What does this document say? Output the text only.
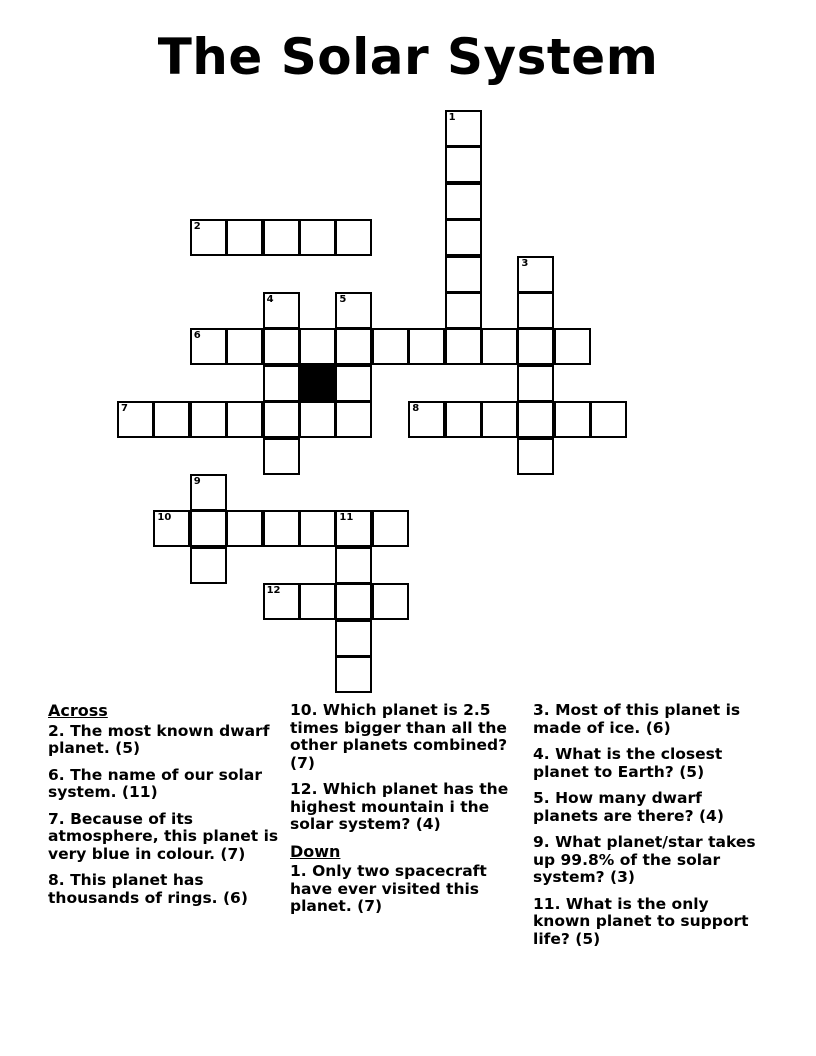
The Solar System
1
2
3
4	5
6
7	8
9
10	11
12
Across
2. The most known dwarf planet. (5)
6. The name of our solar system. (11)
7. Because of its atmosphere, this planet is very blue in colour. (7)
8. This planet has thousands of rings. (6)
10. Which planet is 2.5 times bigger than all the other planets combined? (7)
12. Which planet has the highest mountain i the solar system? (4)
Down
1. Only two spacecraft have ever visited this planet. (7)
3. Most of this planet is made of ice. (6)
4. What is the closest planet to Earth? (5)
5. How many dwarf planets are there? (4)
9. What planet/star takes up 99.8% of the solar system? (3)
11. What is the only known planet to support life? (5)
